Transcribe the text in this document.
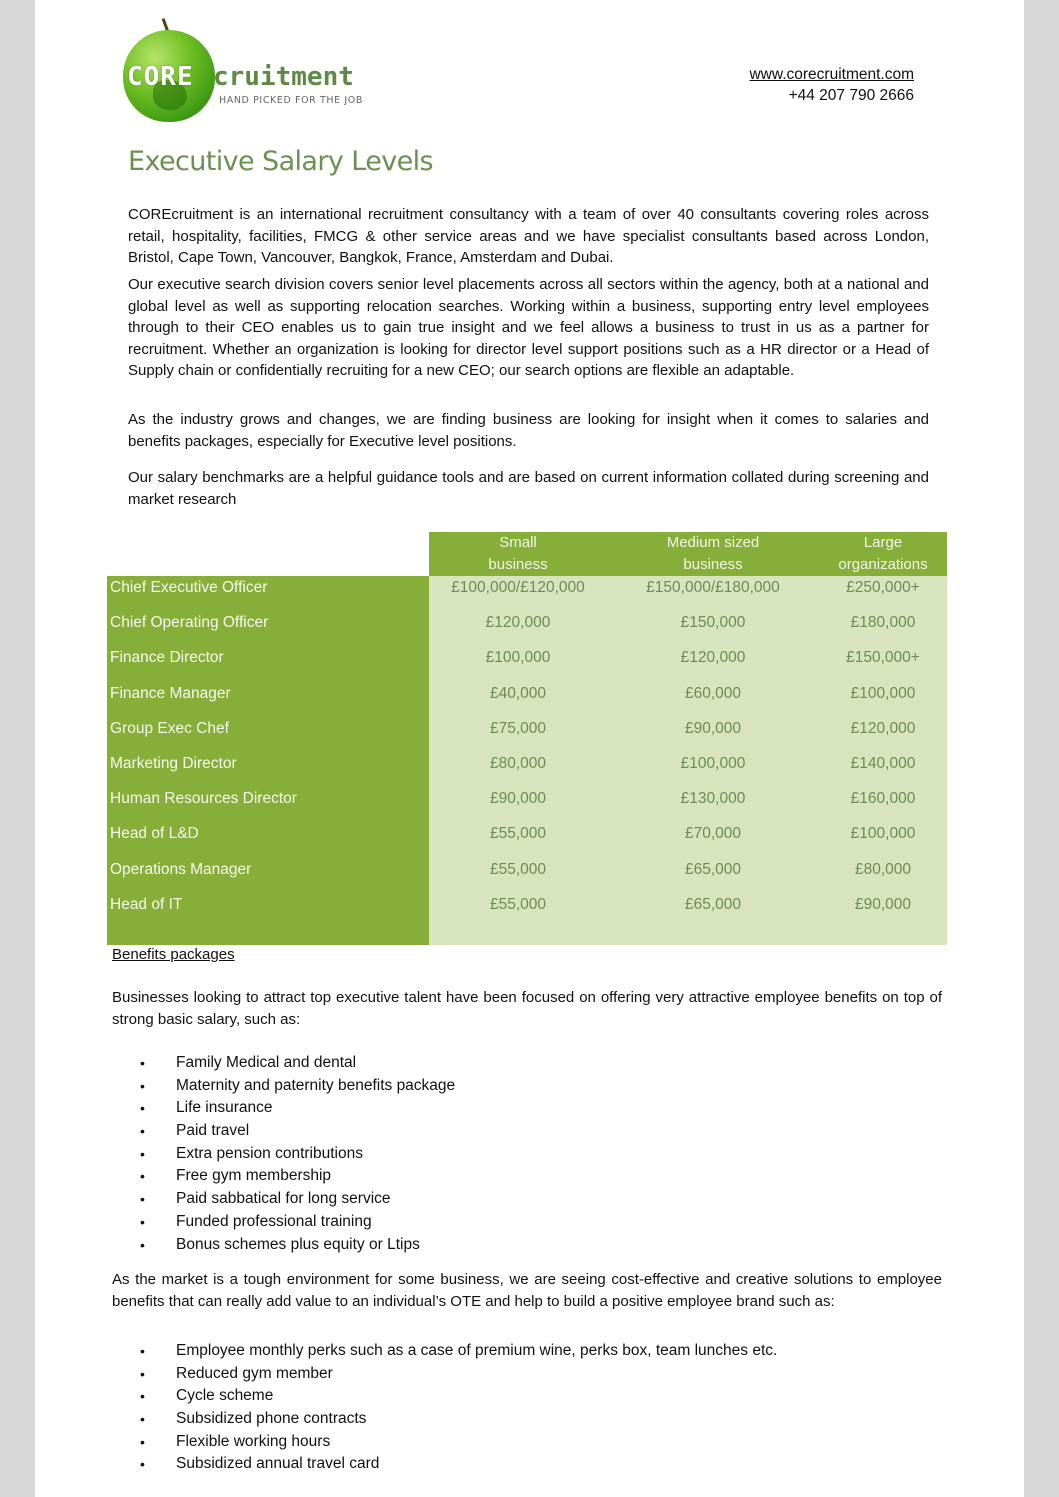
CORE cruitment
HAND PICKED FOR THE JOB
www.corecruitment.com
+44 207 790 2666
Executive Salary Levels

COREcruitment is an international recruitment consultancy with a team of over 40 consultants covering roles across retail, hospitality, facilities, FMCG & other service areas and we have specialist consultants based across London, Bristol, Cape Town, Vancouver, Bangkok, France, Amsterdam and Dubai.

Our executive search division covers senior level placements across all sectors within the agency, both at a national and global level as well as supporting relocation searches. Working within a business, supporting entry level employees through to their CEO enables us to gain true insight and we feel allows a business to trust in us as a partner for recruitment. Whether an organization is looking for director level support positions such as a HR director or a Head of Supply chain or confidentially recruiting for a new CEO; our search options are flexible an adaptable.

As the industry grows and changes, we are finding business are looking for insight when it comes to salaries and benefits packages, especially for Executive level positions.

Our salary benchmarks are a helpful guidance tools and are based on current information collated during screening and market research

Small
business
Medium sized
business
Large
organizations
Chief Executive Officer	£100,000/£120,000	£150,000/£180,000	£250,000+
Chief Operating Officer	£120,000	£150,000	£180,000
Finance Director	£100,000	£120,000	£150,000+
Finance Manager	£40,000	£60,000	£100,000
Group Exec Chef	£75,000	£90,000	£120,000
Marketing Director	£80,000	£100,000	£140,000
Human Resources Director	£90,000	£130,000	£160,000
Head of L&D	£55,000	£70,000	£100,000
Operations Manager	£55,000	£65,000	£80,000
Head of IT	£55,000	£65,000	£90,000
Benefits packages

Businesses looking to attract top executive talent have been focused on offering very attractive employee benefits on top of strong basic salary, such as:

•	Family Medical and dental
•	Maternity and paternity benefits package
•	Life insurance
•	Paid travel
•	Extra pension contributions
•	Free gym membership
•	Paid sabbatical for long service
•	Funded professional training
•	Bonus schemes plus equity or Ltips

As the market is a tough environment for some business, we are seeing cost-effective and creative solutions to employee benefits that can really add value to an individual’s OTE and help to build a positive employee brand such as:

•	Employee monthly perks such as a case of premium wine, perks box, team lunches etc.
•	Reduced gym member
•	Cycle scheme
•	Subsidized phone contracts
•	Flexible working hours
•	Subsidized annual travel card
